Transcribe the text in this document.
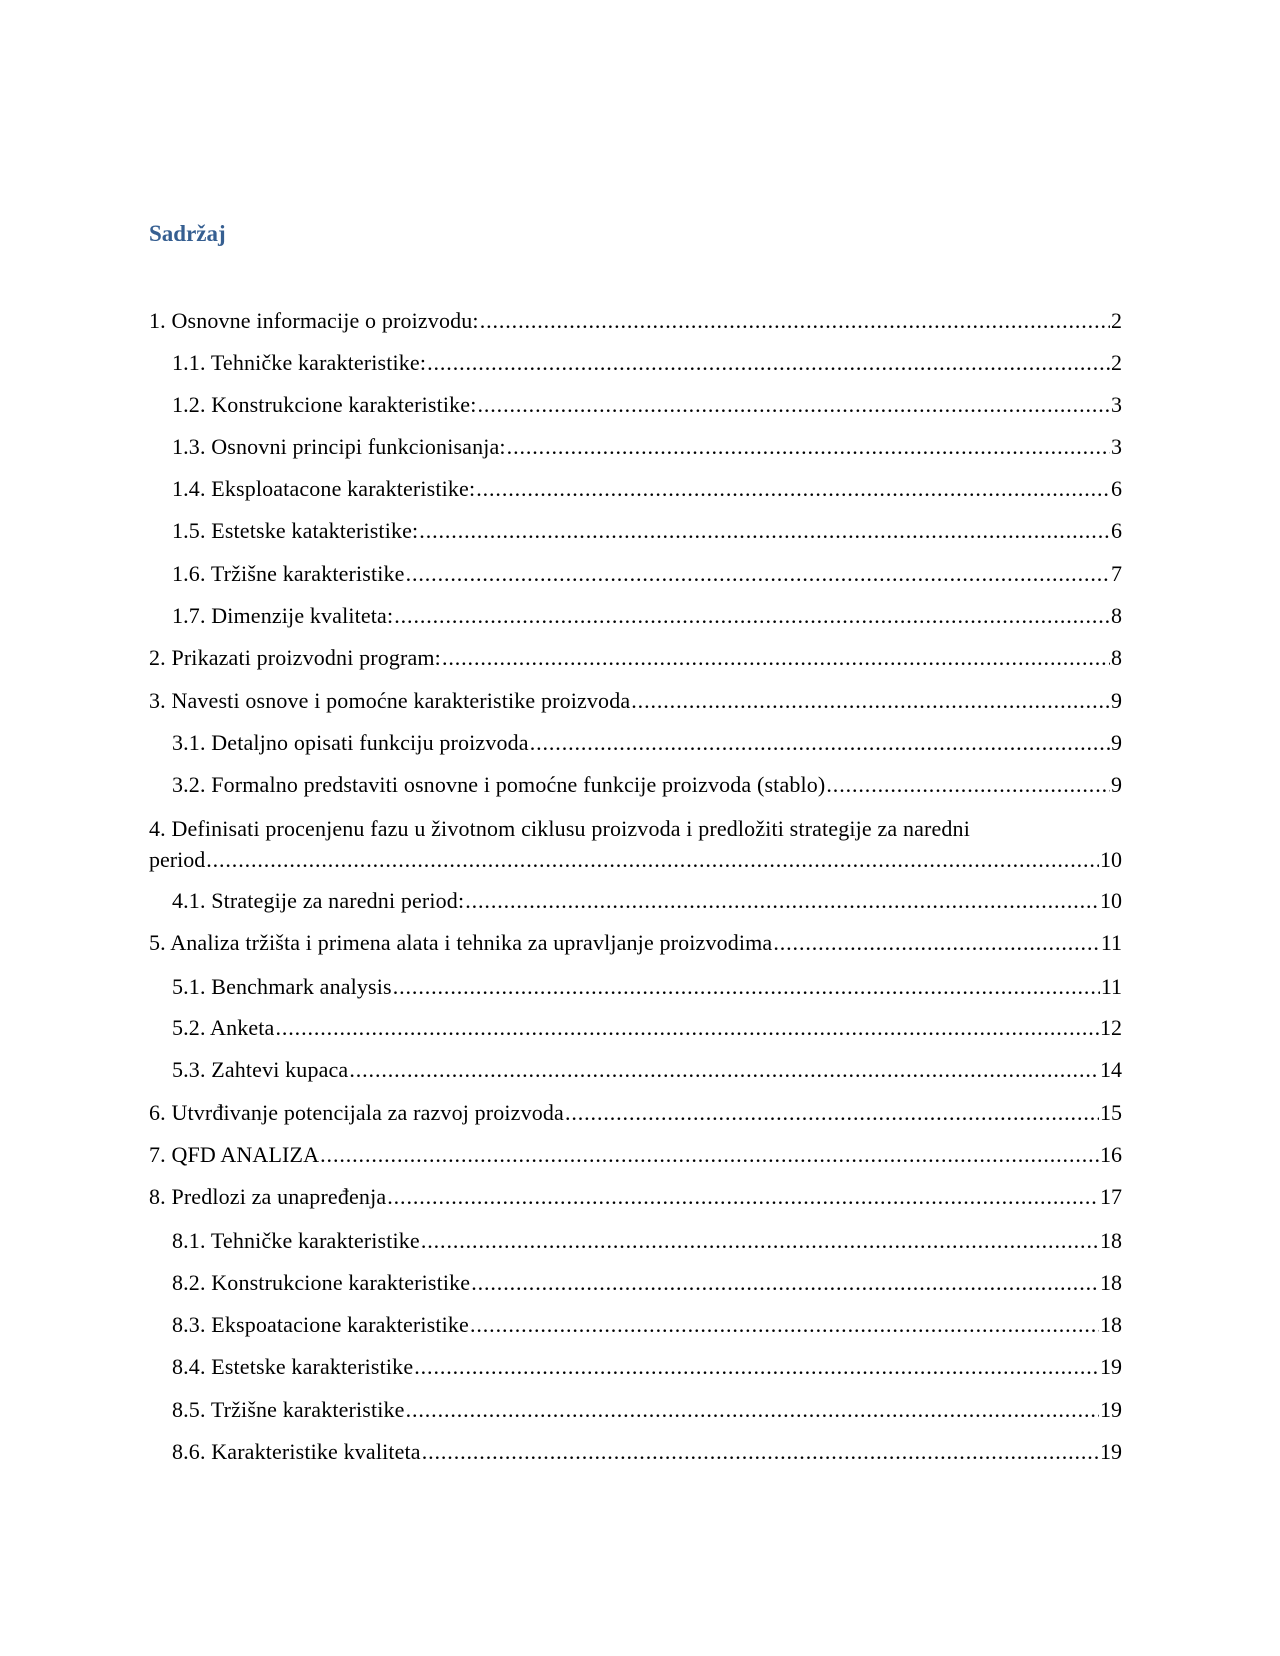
Sadržaj
1. Osnovne informacije o proizvodu: .....	2
1.1. Tehničke karakteristike: .....	2
1.2. Konstrukcione karakteristike: .....	3
1.3. Osnovni principi funkcionisanja: .....	3
1.4. Eksploatacone karakteristike: .....	6
1.5. Estetske katakteristike: .....	6
1.6. Tržišne karakteristike .....	7
1.7. Dimenzije kvaliteta: .....	8
2. Prikazati proizvodni program: .....	8
3. Navesti osnove i pomoćne karakteristike proizvoda .....	9
3.1. Detaljno opisati funkciju proizvoda .....	9
3.2. Formalno predstaviti osnovne i pomoćne funkcije proizvoda (stablo) .....	9
4. Definisati procenjenu fazu u životnom ciklusu proizvoda i predložiti strategije za naredni
period .....	10
4.1. Strategije za naredni period: .....	10
5. Analiza tržišta i primena alata i tehnika za upravljanje proizvodima .....	11
5.1. Benchmark analysis .....	11
5.2. Anketa .....	12
5.3. Zahtevi kupaca .....	14
6. Utvrđivanje potencijala za razvoj proizvoda .....	15
7. QFD ANALIZA .....	16
8. Predlozi za unapređenja .....	17
8.1. Tehničke karakteristike .....	18
8.2. Konstrukcione karakteristike .....	18
8.3. Ekspoatacione karakteristike .....	18
8.4. Estetske karakteristike .....	19
8.5. Tržišne karakteristike .....	19
8.6. Karakteristike kvaliteta .....	19
